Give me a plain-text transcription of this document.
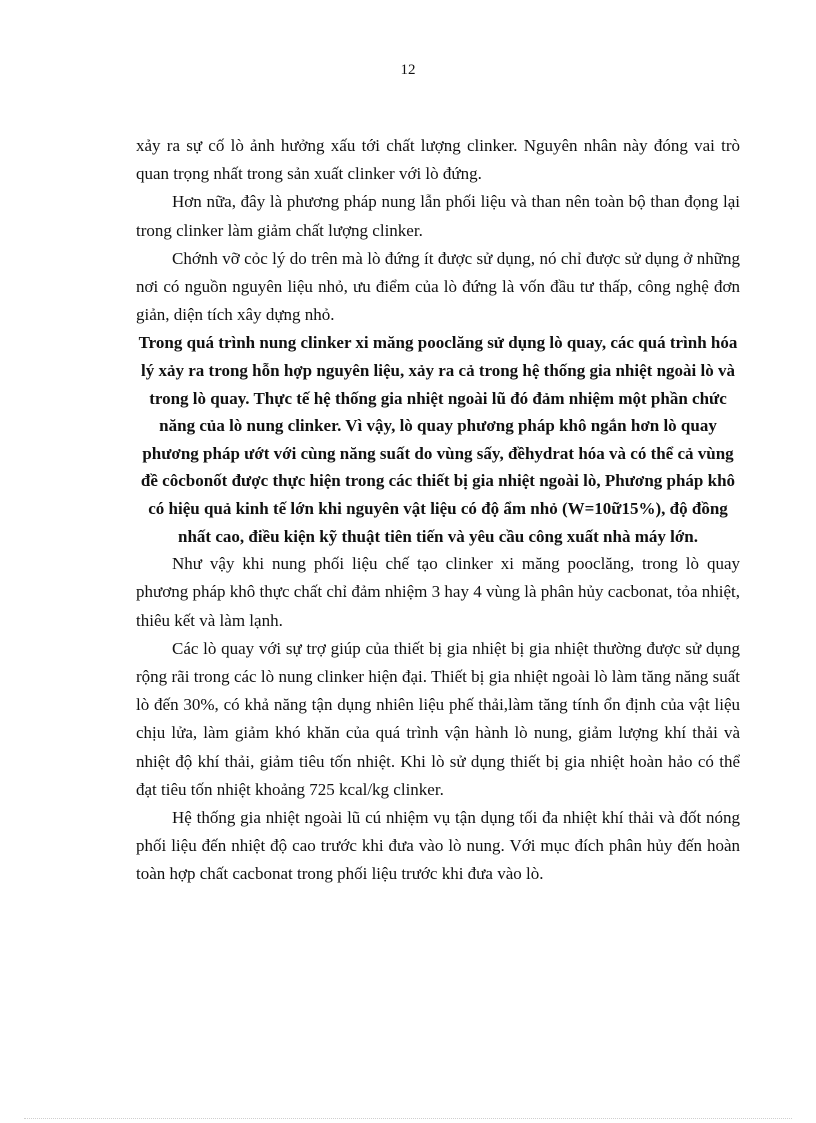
12

xảy ra sự cố lò ảnh hưởng xấu tới chất lượng clinker. Nguyên nhân này đóng vai trò quan trọng nhất trong sản xuất clinker với lò đứng.

Hơn nữa, đây là phương pháp nung lẫn phối liệu và than nên toàn bộ than đọng lại trong clinker làm giảm chất lượng clinker.

Chớnh vỡ cỏc lý do trên mà lò đứng ít được sử dụng, nó chỉ được sử dụng ở những nơi có nguồn nguyên liệu nhỏ, ưu điểm của lò đứng là vốn đầu tư thấp, công nghệ đơn giản, diện tích xây dựng nhỏ.

Trong quá trình nung clinker xi măng pooclăng sử dụng lò quay, các quá trình hóa lý xảy ra trong hỗn hợp nguyên liệu, xảy ra cả trong hệ thống gia nhiệt ngoài lò và trong lò quay. Thực tế hệ thống gia nhiệt ngoài lũ đó đảm nhiệm một phần chức năng của lò nung clinker. Vì vậy, lò quay phương pháp khô ngắn hơn lò quay phương pháp ướt với cùng năng suất do vùng sấy, đềhydrat hóa và có thể cả vùng đề côcbonốt được thực hiện trong các thiết bị gia nhiệt ngoài lò, Phương pháp khô có hiệu quả kinh tế lớn khi nguyên vật liệu có độ ẩm nhỏ (W=10ữ15%), độ đồng nhất cao, điều kiện kỹ thuật tiên tiến và yêu cầu công xuất nhà máy lớn.

Như vậy khi nung phối liệu chế tạo clinker xi măng pooclăng, trong lò quay phương pháp khô thực chất chỉ đảm nhiệm 3 hay 4 vùng là phân hủy cacbonat, tỏa nhiệt, thiêu kết và làm lạnh.

Các lò quay với sự trợ giúp của thiết bị gia nhiệt bị gia nhiệt thường được sử dụng rộng rãi trong các lò nung clinker hiện đại. Thiết bị gia nhiệt ngoài lò làm tăng năng suất lò đến 30%, có khả năng tận dụng nhiên liệu phế thải,làm tăng tính ổn định của vật liệu chịu lửa, làm giảm khó khăn của quá trình vận hành lò nung, giảm lượng khí thải và nhiệt độ khí thải, giảm tiêu tốn nhiệt. Khi lò sử dụng thiết bị gia nhiệt hoàn hảo có thể đạt tiêu tốn nhiệt khoảng 725 kcal/kg clinker.

Hệ thống gia nhiệt ngoài lũ cú nhiệm vụ tận dụng tối đa nhiệt khí thải và đốt nóng phối liệu đến nhiệt độ cao trước khi đưa vào lò nung. Với mục đích phân hủy đến hoàn toàn hợp chất cacbonat trong phối liệu trước khi đưa vào lò.
